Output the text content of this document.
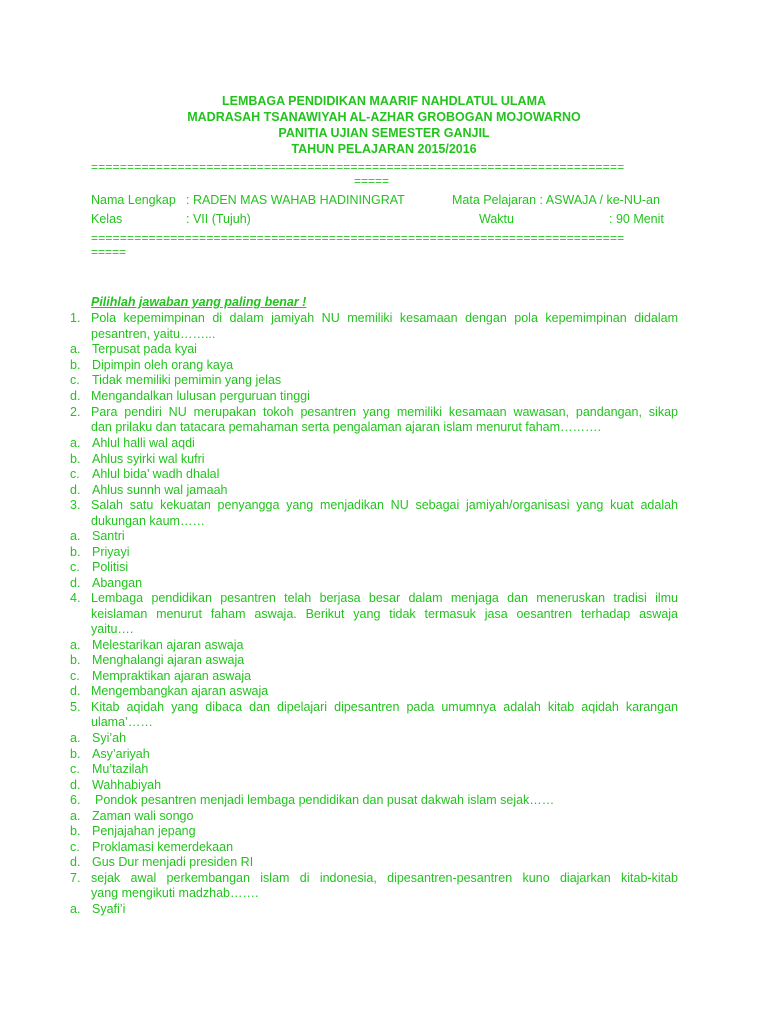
LEMBAGA PENDIDIKAN MAARIF NAHDLATUL ULAMA
MADRASAH TSANAWIYAH AL-AZHAR GROBOGAN MOJOWARNO
PANITIA UJIAN SEMESTER GANJIL
TAHUN PELAJARAN 2015/2016
==========================================================================
=====
Nama Lengkap : RADEN MAS WAHAB HADININGRAT	Mata Pelajaran : ASWAJA / ke-NU-an
Kelas	: VII (Tujuh)	Waktu	: 90 Menit
==========================================================================
=====
Pilihlah jawaban yang paling benar !
1. Pola kepemimpinan di dalam jamiyah NU memiliki kesamaan dengan pola kepemimpinan didalam
pesantren, yaitu……...
a. Terpusat pada kyai
b. Dipimpin oleh orang kaya
c. Tidak memiliki pemimin yang jelas
d. Mengandalkan lulusan perguruan tinggi
2. Para pendiri NU merupakan tokoh pesantren yang memiliki kesamaan wawasan, pandangan, sikap
dan prilaku dan tatacara pemahaman serta pengalaman ajaran islam menurut faham……….
a. Ahlul halli wal aqdi
b. Ahlus syirki wal kufri
c. Ahlul bida’ wadh dhalal
d. Ahlus sunnh wal jamaah
3. Salah satu kekuatan penyangga yang menjadikan NU sebagai jamiyah/organisasi yang kuat adalah
dukungan kaum……
a. Santri
b. Priyayi
c. Politisi
d. Abangan
4. Lembaga pendidikan pesantren telah berjasa besar dalam menjaga dan meneruskan tradisi ilmu
keislaman menurut faham aswaja. Berikut yang tidak termasuk jasa oesantren terhadap aswaja
yaitu….
a. Melestarikan ajaran aswaja
b. Menghalangi ajaran aswaja
c. Mempraktikan ajaran aswaja
d. Mengembangkan ajaran aswaja
5. Kitab aqidah yang dibaca dan dipelajari dipesantren pada umumnya adalah kitab aqidah karangan
ulama’……
a. Syi’ah
b. Asy’ariyah
c. Mu’tazilah
d. Wahhabiyah
6. Pondok pesantren menjadi lembaga pendidikan dan pusat dakwah islam sejak……
a. Zaman wali songo
b. Penjajahan jepang
c. Proklamasi kemerdekaan
d. Gus Dur menjadi presiden RI
7. sejak awal perkembangan islam di indonesia, dipesantren-pesantren kuno diajarkan kitab-kitab
yang mengikuti madzhab…….
a. Syafi’i
